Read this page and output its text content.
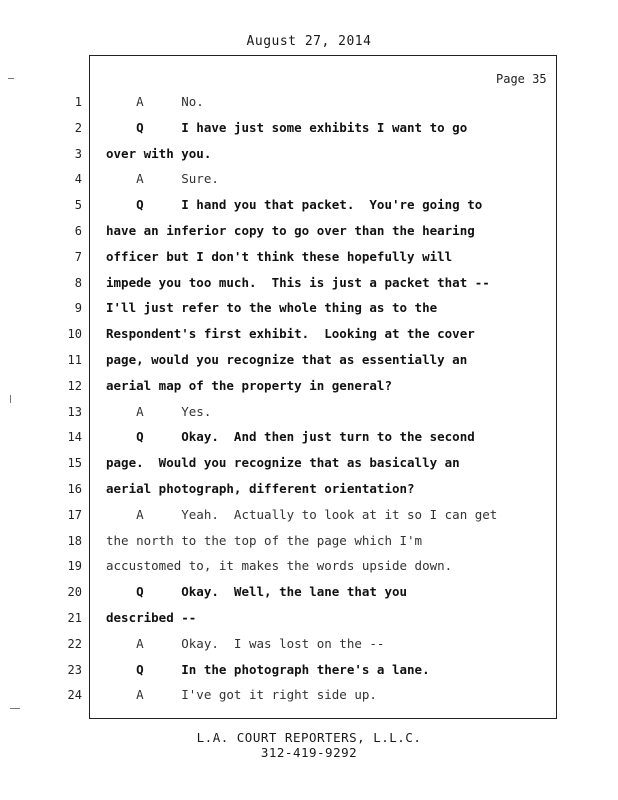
August 27, 2014
Page 35
1 A     No.
2 Q     I have just some exhibits I want to go
3 over with you.
4 A     Sure.
5 Q     I hand you that packet.  You're going to
6 have an inferior copy to go over than the hearing
7 officer but I don't think these hopefully will
8 impede you too much.  This is just a packet that --
9 I'll just refer to the whole thing as to the
10 Respondent's first exhibit.  Looking at the cover
11 page, would you recognize that as essentially an
12 aerial map of the property in general?
13 A     Yes.
14 Q     Okay.  And then just turn to the second
15 page.  Would you recognize that as basically an
16 aerial photograph, different orientation?
17 A     Yeah.  Actually to look at it so I can get
18 the north to the top of the page which I'm
19 accustomed to, it makes the words upside down.
20 Q     Okay.  Well, the lane that you
21 described --
22 A     Okay.  I was lost on the --
23 Q     In the photograph there's a lane.
24 A     I've got it right side up.
L.A. COURT REPORTERS, L.L.C.
312-419-9292
